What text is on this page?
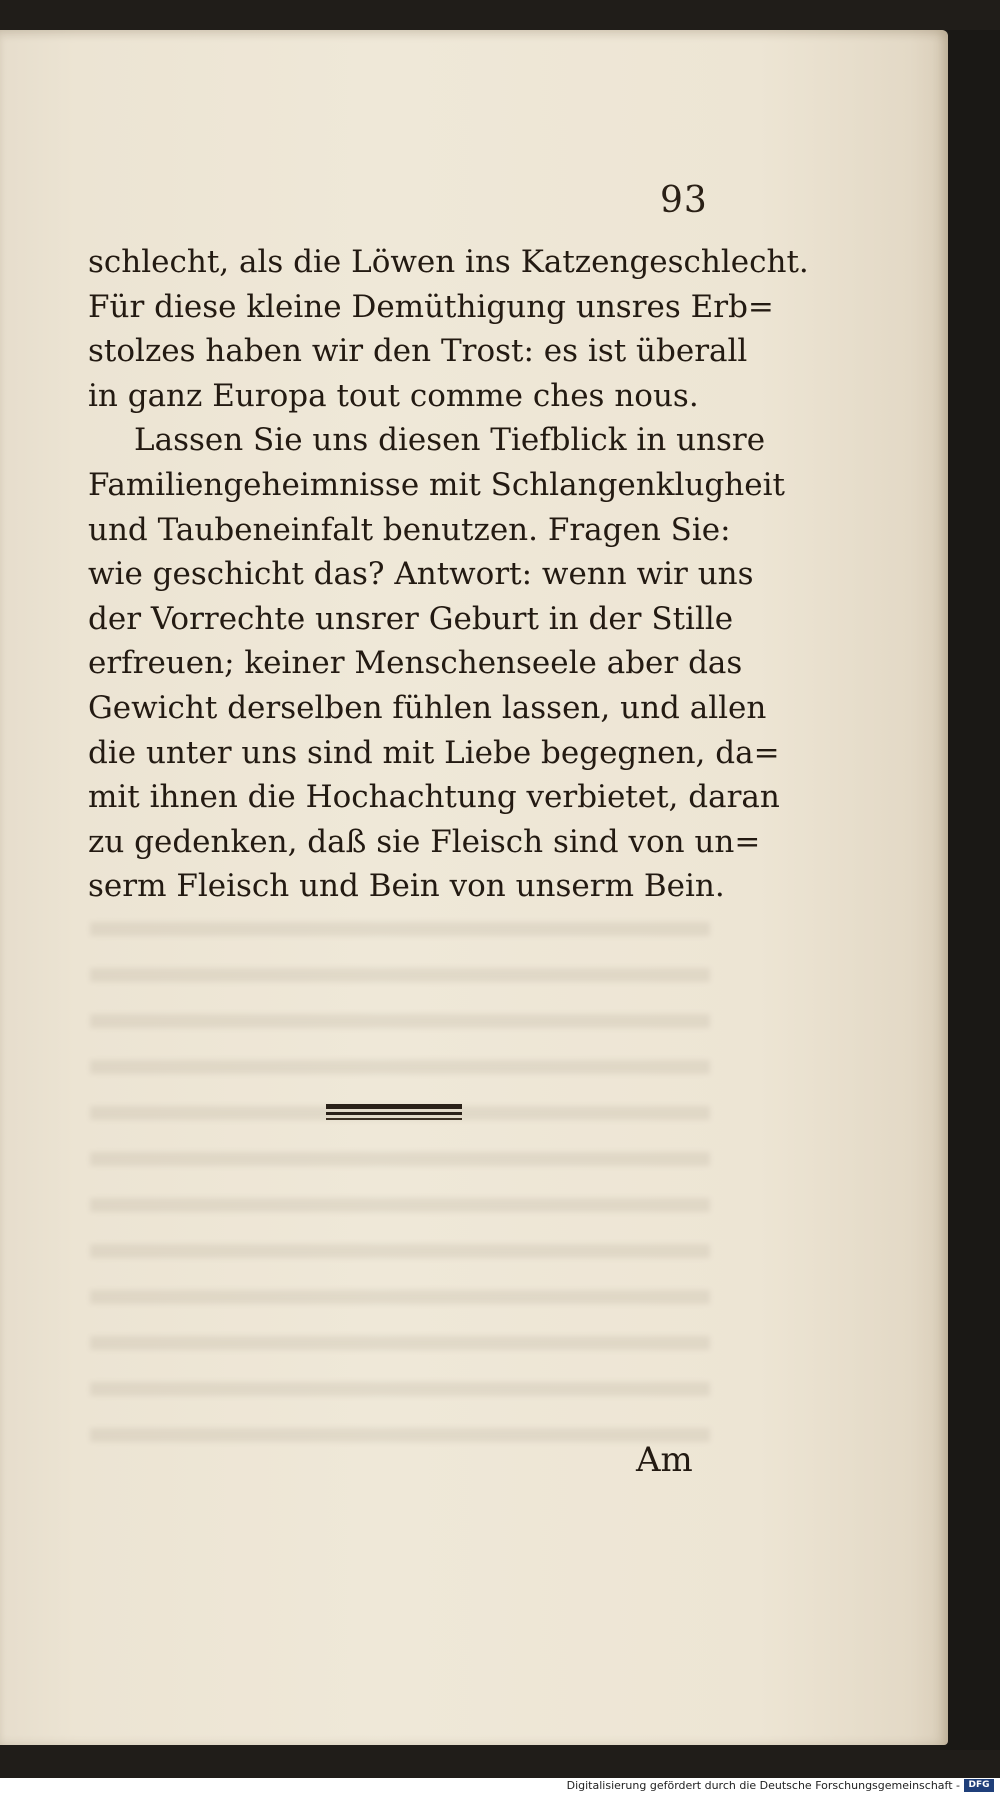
93
schlecht, als die Löwen ins Katzengeschlecht.
Für diese kleine Demüthigung unsres Erb=
stolzes haben wir den Trost: es ist überall
in ganz Europa tout comme ches nous.
Lassen Sie uns diesen Tiefblick in unsre
Familiengeheimnisse mit Schlangenklugheit
und Taubeneinfalt benutzen. Fragen Sie:
wie geschicht das? Antwort: wenn wir uns
der Vorrechte unsrer Geburt in der Stille
erfreuen; keiner Menschenseele aber das
Gewicht derselben fühlen lassen, und allen
die unter uns sind mit Liebe begegnen, da=
mit ihnen die Hochachtung verbietet, daran
zu gedenken, daß sie Fleisch sind von un=
serm Fleisch und Bein von unserm Bein.
Am
Digitalisierung gefördert durch die Deutsche Forschungsgemeinschaft - DFG
